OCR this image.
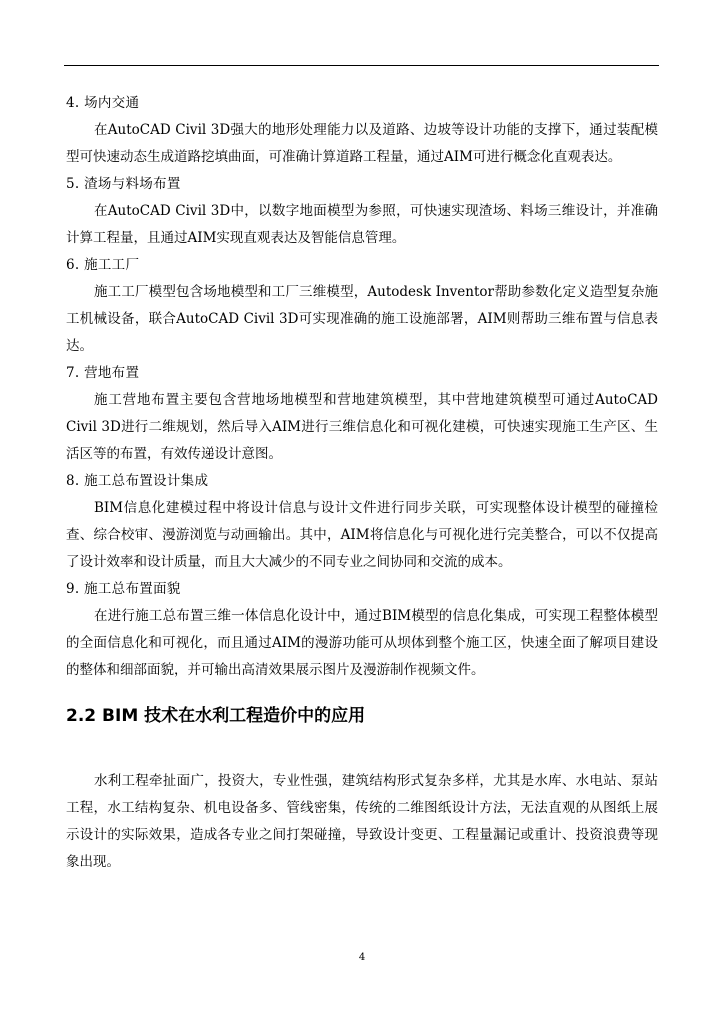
4. 场内交通

在AutoCAD Civil 3D强大的地形处理能力以及道路、边坡等设计功能的支撑下，通过装配模型可快速动态生成道路挖填曲面，可准确计算道路工程量，通过AIM可进行概念化直观表达。

5. 渣场与料场布置

在AutoCAD Civil 3D中，以数字地面模型为参照，可快速实现渣场、料场三维设计，并准确计算工程量，且通过AIM实现直观表达及智能信息管理。

6. 施工工厂

施工工厂模型包含场地模型和工厂三维模型，Autodesk Inventor帮助参数化定义造型复杂施工机械设备，联合AutoCAD Civil 3D可实现准确的施工设施部署，AIM则帮助三维布置与信息表达。

7. 营地布置

施工营地布置主要包含营地场地模型和营地建筑模型，其中营地建筑模型可通过AutoCAD Civil 3D进行二维规划，然后导入AIM进行三维信息化和可视化建模，可快速实现施工生产区、生活区等的布置，有效传递设计意图。

8. 施工总布置设计集成

BIM信息化建模过程中将设计信息与设计文件进行同步关联，可实现整体设计模型的碰撞检查、综合校审、漫游浏览与动画输出。其中，AIM将信息化与可视化进行完美整合，可以不仅提高了设计效率和设计质量，而且大大减少的不同专业之间协同和交流的成本。

9. 施工总布置面貌

在进行施工总布置三维一体信息化设计中，通过BIM模型的信息化集成，可实现工程整体模型的全面信息化和可视化，而且通过AIM的漫游功能可从坝体到整个施工区，快速全面了解项目建设的整体和细部面貌，并可输出高清效果展示图片及漫游制作视频文件。

2.2 BIM 技术在水利工程造价中的应用

水利工程牵扯面广，投资大，专业性强，建筑结构形式复杂多样，尤其是水库、水电站、泵站工程，水工结构复杂、机电设备多、管线密集，传统的二维图纸设计方法，无法直观的从图纸上展示设计的实际效果，造成各专业之间打架碰撞，导致设计变更、工程量漏记或重计、投资浪费等现象出现。

4
